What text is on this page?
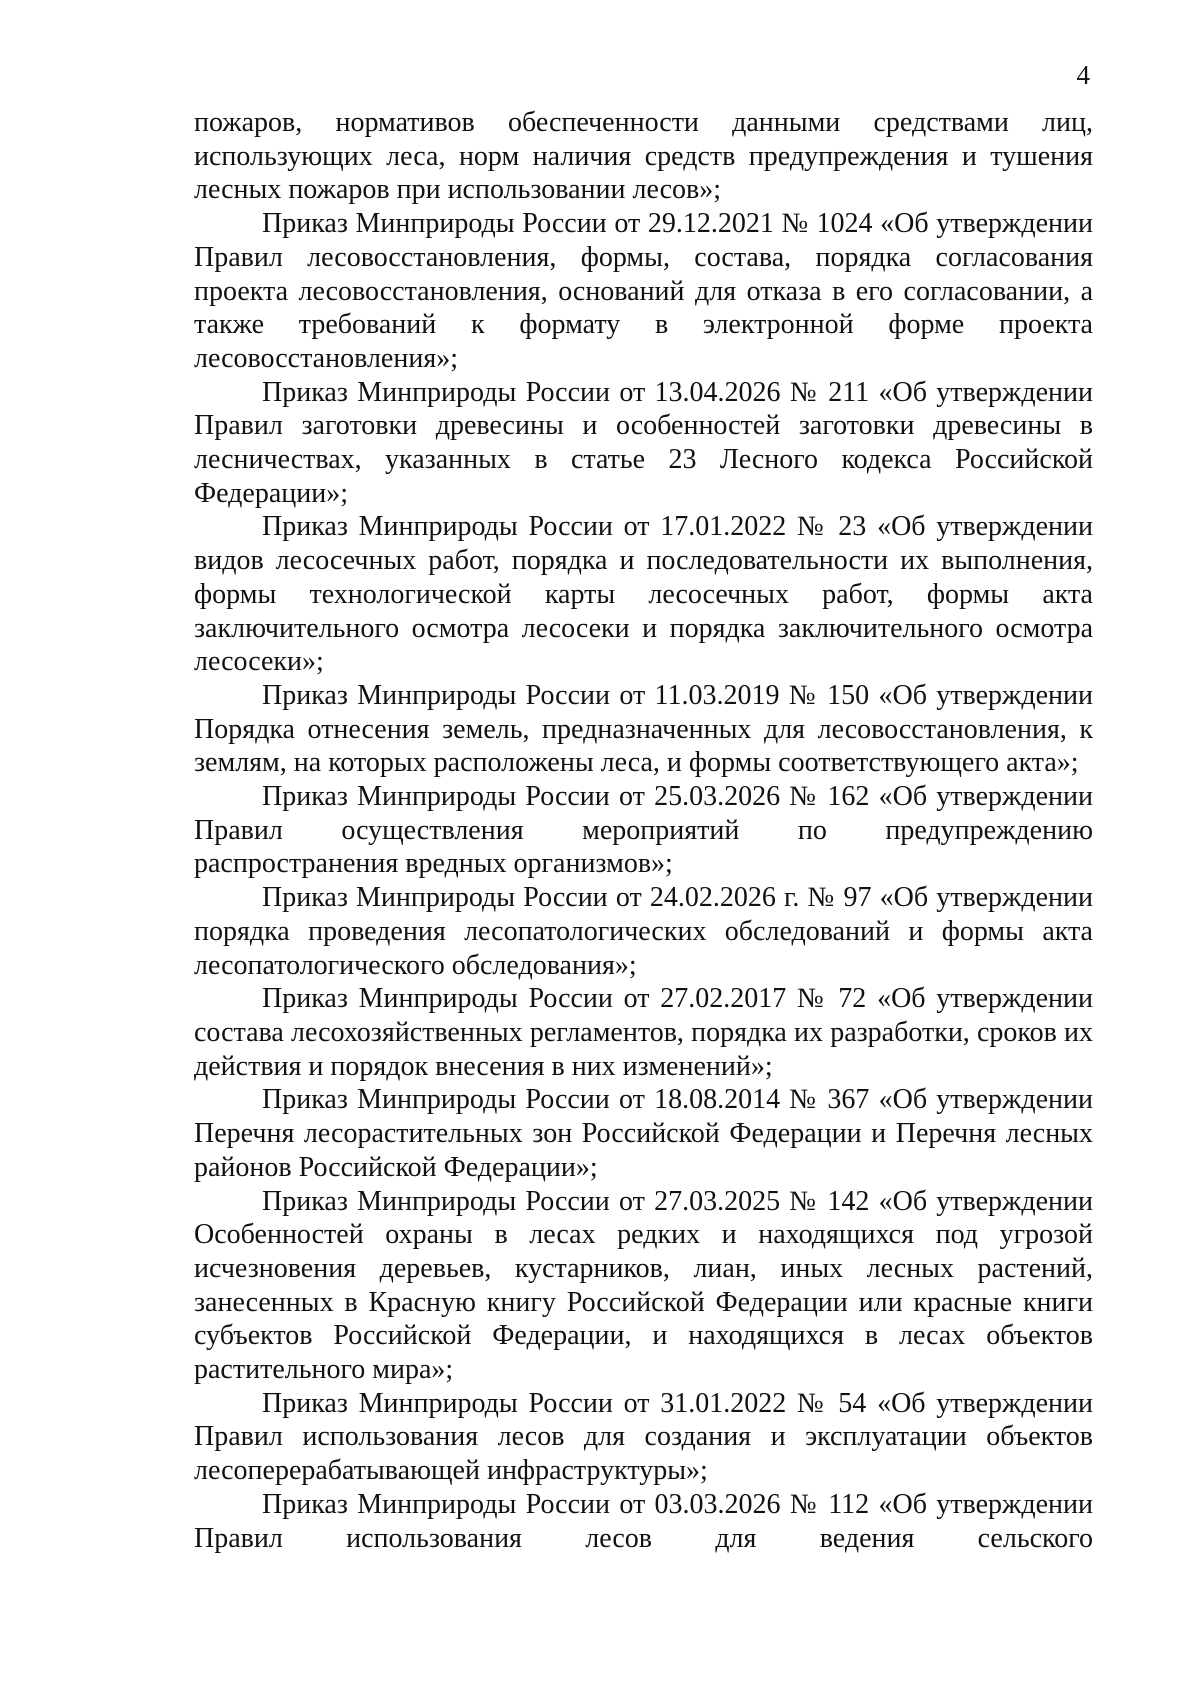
4

пожаров, нормативов обеспеченности данными средствами лиц, использующих леса, норм наличия средств предупреждения и тушения лесных пожаров при использовании лесов»;

Приказ Минприроды России от 29.12.2021 № 1024 «Об утверждении Правил лесовосстановления, формы, состава, порядка согласования проекта лесовосстановления, оснований для отказа в его согласовании, а также требований к формату в электронной форме проекта лесовосстановления»;

Приказ Минприроды России от 13.04.2026 № 211 «Об утверждении Правил заготовки древесины и особенностей заготовки древесины в лесничествах, указанных в статье 23 Лесного кодекса Российской Федерации»;

Приказ Минприроды России от 17.01.2022 № 23 «Об утверждении видов лесосечных работ, порядка и последовательности их выполнения, формы технологической карты лесосечных работ, формы акта заключительного осмотра лесосеки и порядка заключительного осмотра лесосеки»;

Приказ Минприроды России от 11.03.2019 № 150 «Об утверждении Порядка отнесения земель, предназначенных для лесовосстановления, к землям, на которых расположены леса, и формы соответствующего акта»;

Приказ Минприроды России от 25.03.2026 № 162 «Об утверждении Правил осуществления мероприятий по предупреждению распространения вредных организмов»;

Приказ Минприроды России от 24.02.2026 г. № 97 «Об утверждении порядка проведения лесопатологических обследований и формы акта лесопатологического обследования»;

Приказ Минприроды России от 27.02.2017 № 72 «Об утверждении состава лесохозяйственных регламентов, порядка их разработки, сроков их действия и порядок внесения в них изменений»;

Приказ Минприроды России от 18.08.2014 № 367 «Об утверждении Перечня лесорастительных зон Российской Федерации и Перечня лесных районов Российской Федерации»;

Приказ Минприроды России от 27.03.2025 № 142 «Об утверждении Особенностей охраны в лесах редких и находящихся под угрозой исчезновения деревьев, кустарников, лиан, иных лесных растений, занесенных в Красную книгу Российской Федерации или красные книги субъектов Российской Федерации, и находящихся в лесах объектов растительного мира»;

Приказ Минприроды России от 31.01.2022 № 54 «Об утверждении Правил использования лесов для создания и эксплуатации объектов лесоперерабатывающей инфраструктуры»;

Приказ Минприроды России от 03.03.2026 № 112 «Об утверждении Правил использования лесов для ведения сельского
